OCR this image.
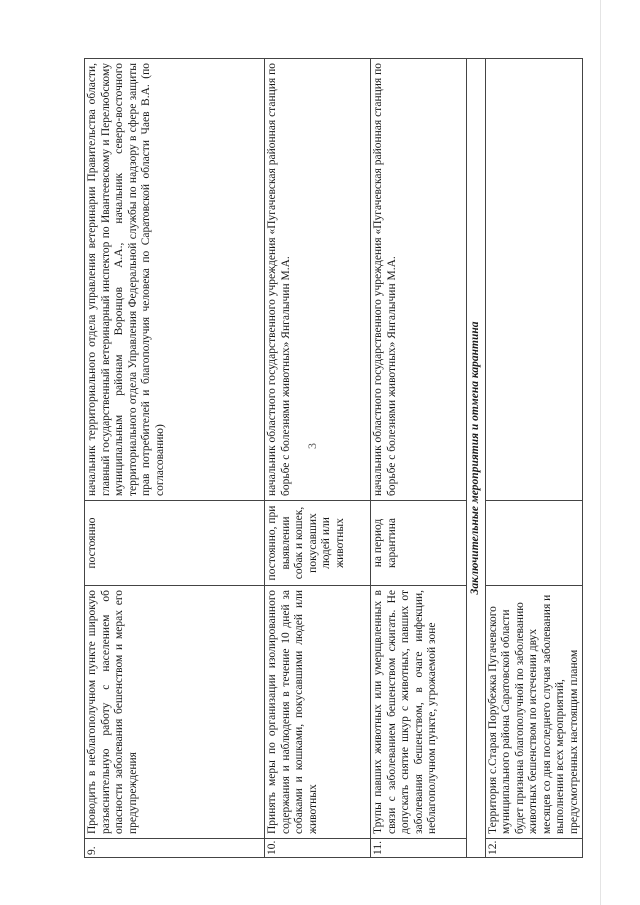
3
9.	Проводить в неблагополучном пункте широкую разъяснительную работу с населением об опасности заболевания бешенством и мерах его предупреждения	постоянно	начальник территориального отдела управления ветеринарии Правительства области, главный государственный ветеринарный инспектор по Ивантеевскому и Перелюбскому муниципальным районам Воронцов А.А., начальник северо-восточного территориального отдела Управления Федеральной службы по надзору в сфере защиты прав потребителей и благополучия человека по Саратовской области Чаев В.А. (по согласованию)
10.	Принять меры по организации изолированного содержания и наблюдения в течение 10 дней за собаками и кошками, покусавшими людей или животных	постоянно, при выявлении собак и кошек, покусавших людей или животных	начальник областного государственного учреждения «Пугачевская районная станция по борьбе с болезнями животных» Янгалычин М.А.
11.	Трупы павших животных или умерщвленных в связи с заболеванием бешенством сжигать. Не допускать снятие шкур с животных, павших от заболевания бешенством, в очаге инфекции, неблагополучном пункте, угрожаемой зоне	на период карантина	начальник областного государственного учреждения «Пугачевская районная станция по борьбе с болезнями животных» Янгалычин М.А.
Заключительные мероприятия и отмена карантина			
12.	Территория с.Старая Порубежка Пугачевского муниципального района Саратовской области будет признана благополучной по заболеванию животных бешенством по истечении двух месяцев со дня последнего случая заболевания и выполнении всех мероприятий, предусмотренных настоящим планом		
